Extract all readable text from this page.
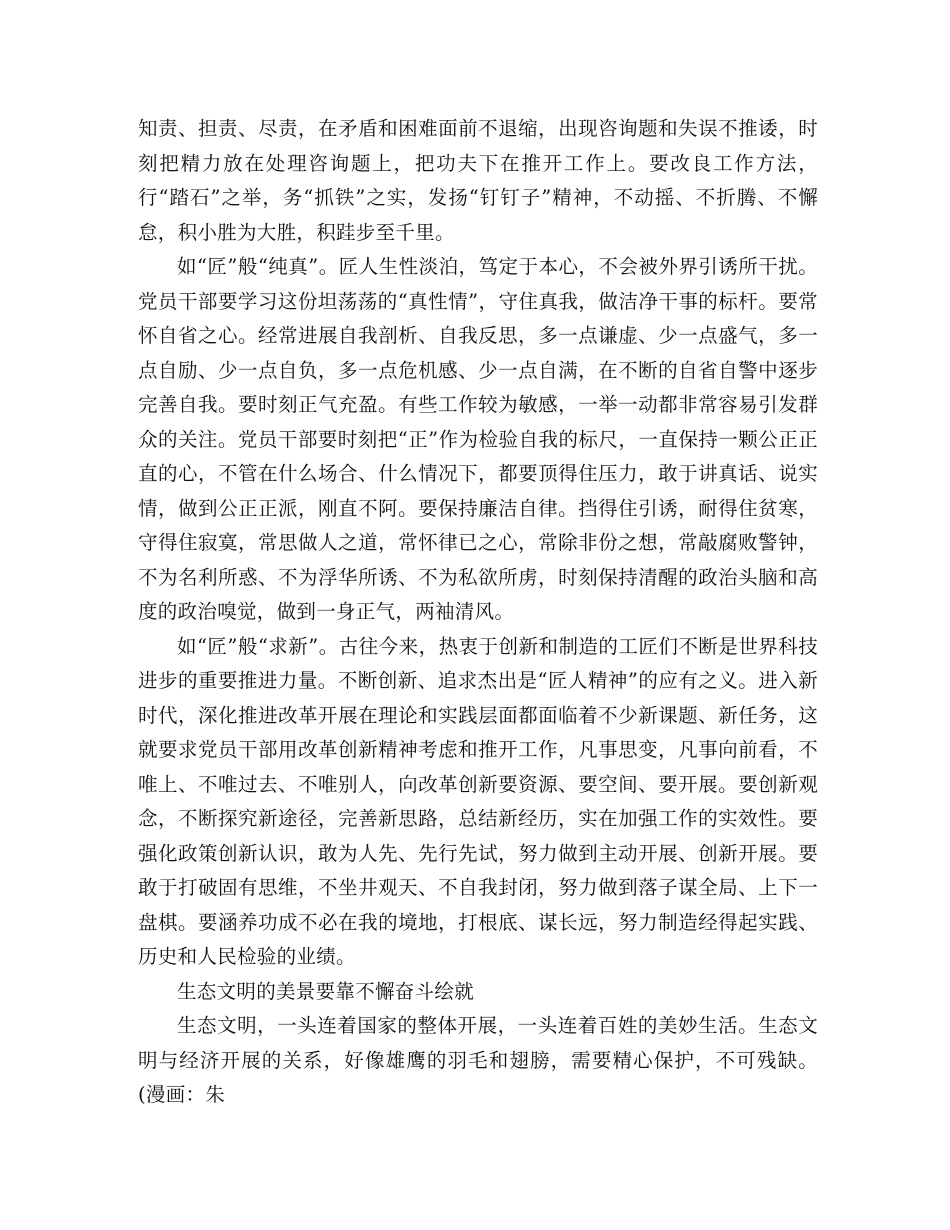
知责、担责、尽责，在矛盾和困难面前不退缩，出现咨询题和失误不推诿，时刻把精力放在处理咨询题上，把功夫下在推开工作上。要改良工作方法，行“踏石”之举，务“抓铁”之实，发扬“钉钉子”精神，不动摇、不折腾、不懈怠，积小胜为大胜，积跬步至千里。

如“匠”般“纯真”。匠人生性淡泊，笃定于本心，不会被外界引诱所干扰。党员干部要学习这份坦荡荡的“真性情”，守住真我，做洁净干事的标杆。要常怀自省之心。经常进展自我剖析、自我反思，多一点谦虚、少一点盛气，多一点自励、少一点自负，多一点危机感、少一点自满，在不断的自省自警中逐步完善自我。要时刻正气充盈。有些工作较为敏感，一举一动都非常容易引发群众的关注。党员干部要时刻把“正”作为检验自我的标尺，一直保持一颗公正正直的心，不管在什么场合、什么情况下，都要顶得住压力，敢于讲真话、说实情，做到公正正派，刚直不阿。要保持廉洁自律。挡得住引诱，耐得住贫寒，守得住寂寞，常思做人之道，常怀律已之心，常除非份之想，常敲腐败警钟，不为名利所惑、不为浮华所诱、不为私欲所虏，时刻保持清醒的政治头脑和高度的政治嗅觉，做到一身正气，两袖清风。

如“匠”般“求新”。古往今来，热衷于创新和制造的工匠们不断是世界科技进步的重要推进力量。不断创新、追求杰出是“匠人精神”的应有之义。进入新时代，深化推进改革开展在理论和实践层面都面临着不少新课题、新任务，这就要求党员干部用改革创新精神考虑和推开工作，凡事思变，凡事向前看，不唯上、不唯过去、不唯别人，向改革创新要资源、要空间、要开展。要创新观念，不断探究新途径，完善新思路，总结新经历，实在加强工作的实效性。要强化政策创新认识，敢为人先、先行先试，努力做到主动开展、创新开展。要敢于打破固有思维，不坐井观天、不自我封闭，努力做到落子谋全局、上下一盘棋。要涵养功成不必在我的境地，打根底、谋长远，努力制造经得起实践、历史和人民检验的业绩。

生态文明的美景要靠不懈奋斗绘就

生态文明，一头连着国家的整体开展，一头连着百姓的美妙生活。生态文明与经济开展的关系，好像雄鹰的羽毛和翅膀，需要精心保护，不可残缺。(漫画：朱
